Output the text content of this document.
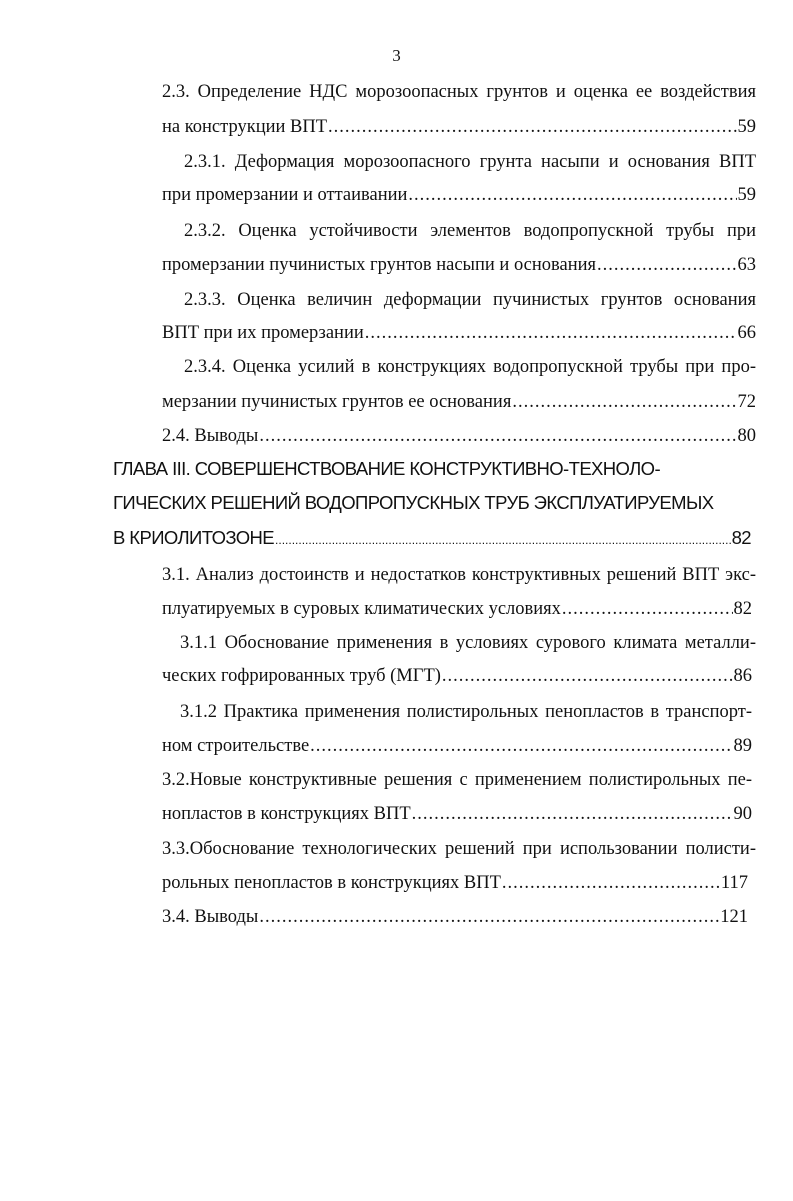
3
2.3. Определение НДС морозоопасных грунтов и оценка ее воздействия
на конструкции ВПТ .....	59
2.3.1. Деформация морозоопасного грунта насыпи и основания ВПТ
при промерзании и оттаивании .....	59
2.3.2. Оценка устойчивости элементов водопропускной трубы при
промерзании пучинистых грунтов насыпи и основания .....	63
2.3.3. Оценка величин деформации пучинистых грунтов основания
ВПТ при их промерзании .....	66
2.3.4. Оценка усилий в конструкциях водопропускной трубы при про-
мерзании пучинистых грунтов ее основания .....	72
2.4. Выводы .....	80
ГЛАВА III. СОВЕРШЕНСТВОВАНИЕ КОНСТРУКТИВНО-ТЕХНОЛО-
ГИЧЕСКИХ РЕШЕНИЙ ВОДОПРОПУСКНЫХ ТРУБ ЭКСПЛУАТИРУЕМЫХ
В КРИОЛИТОЗОНЕ .....	82
3.1. Анализ достоинств и недостатков конструктивных решений ВПТ экс-
плуатируемых в суровых климатических условиях .....	82
3.1.1 Обоснование применения в условиях сурового климата металли-
ческих гофрированных труб (МГТ) .....	86
3.1.2 Практика применения полистирольных пенопластов в транспорт-
ном строительстве .....	89
3.2.Новые конструктивные решения с применением полистирольных пе-
нопластов в конструкциях ВПТ .....	90
3.3.Обоснование технологических решений при использовании полисти-
рольных пенопластов в конструкциях ВПТ .....	117
3.4. Выводы .....	121
